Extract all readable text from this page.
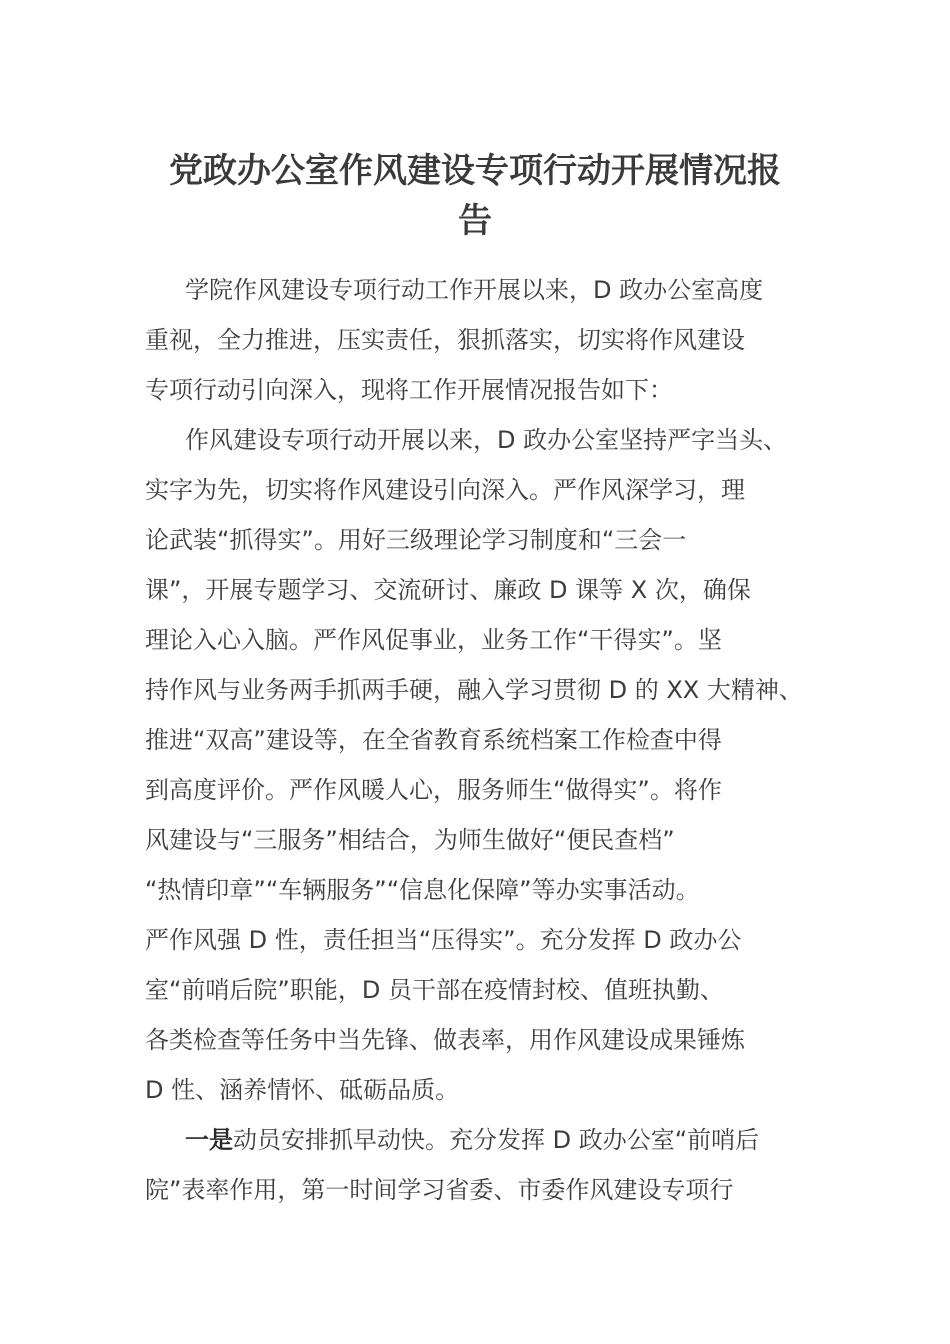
党政办公室作风建设专项行动开展情况报
告

学院作风建设专项行动工作开展以来，D 政办公室高度

重视，全力推进，压实责任，狠抓落实，切实将作风建设

专项行动引向深入，现将工作开展情况报告如下：

作风建设专项行动开展以来，D 政办公室坚持严字当头、

实字为先，切实将作风建设引向深入。严作风深学习，理

论武装“抓得实”。用好三级理论学习制度和“三会一

课”，开展专题学习、交流研讨、廉政 D 课等 X 次，确保

理论入心入脑。严作风促事业，业务工作“干得实”。坚

持作风与业务两手抓两手硬，融入学习贯彻 D 的 XX 大精神、

推进“双高”建设等，在全省教育系统档案工作检查中得

到高度评价。严作风暖人心，服务师生“做得实”。将作

风建设与“三服务”相结合，为师生做好“便民查档”

“热情印章”“车辆服务”“信息化保障”等办实事活动。

严作风强 D 性，责任担当“压得实”。充分发挥 D 政办公

室“前哨后院”职能，D 员干部在疫情封校、值班执勤、

各类检查等任务中当先锋、做表率，用作风建设成果锤炼

D 性、涵养情怀、砥砺品质。

一是动员安排抓早动快。充分发挥 D 政办公室“前哨后

院”表率作用，第一时间学习省委、市委作风建设专项行
